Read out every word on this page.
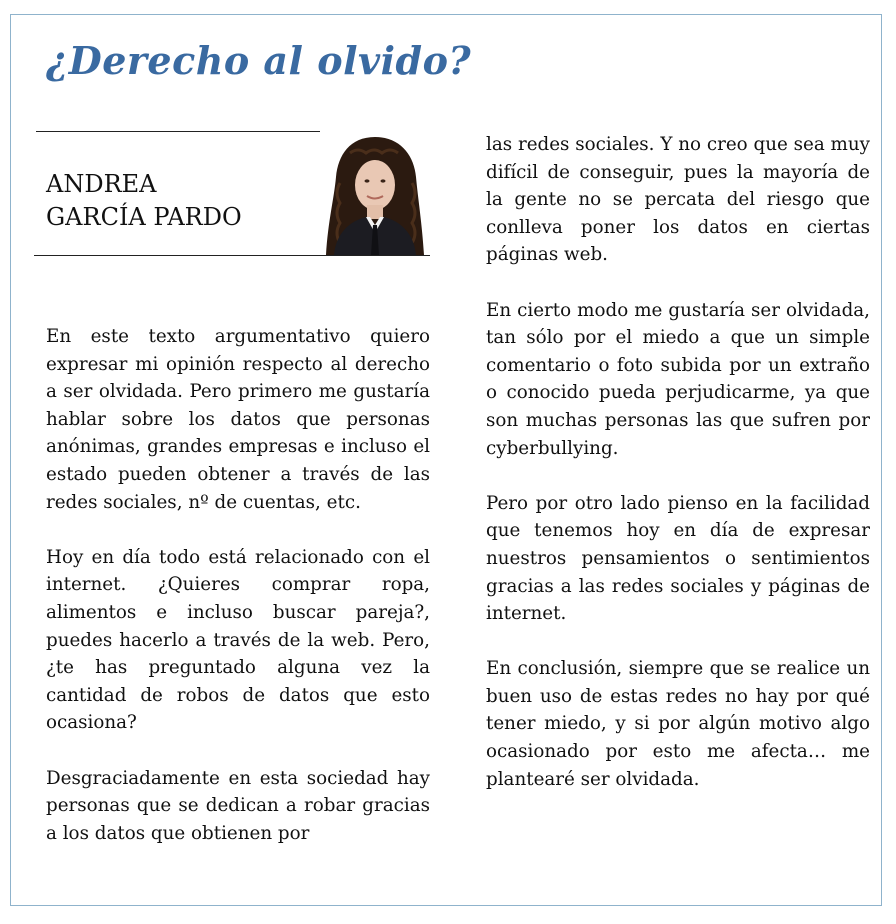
¿Derecho al olvido?
ANDREA
GARCÍA PARDO

En este texto argumentativo quiero expresar mi opinión respecto al derecho a ser olvidada. Pero primero me gustaría hablar sobre los datos que personas anónimas, grandes empresas e incluso el estado pueden obtener a través de las redes sociales, nº de cuentas, etc.

Hoy en día todo está relacionado con el internet. ¿Quieres comprar ropa, alimentos e incluso buscar pareja?, puedes hacerlo a través de la web. Pero, ¿te has preguntado alguna vez la cantidad de robos de datos que esto ocasiona?

Desgraciadamente en esta sociedad hay personas que se dedican a robar gracias a los datos que obtienen por

las redes sociales. Y no creo que sea muy difícil de conseguir, pues la mayoría de la gente no se percata del riesgo que conlleva poner los datos en ciertas páginas web.

En cierto modo me gustaría ser olvidada, tan sólo por el miedo a que un simple comentario o foto subida por un extraño o conocido pueda perjudicarme, ya que son muchas personas las que sufren por cyberbullying.

Pero por otro lado pienso en la facilidad que tenemos hoy en día de expresar nuestros pensamientos o sentimientos gracias a las redes sociales y páginas de internet.

En conclusión, siempre que se realice un buen uso de estas redes no hay por qué tener miedo, y si por algún motivo algo ocasionado por esto me afecta… me plantearé ser olvidada.
